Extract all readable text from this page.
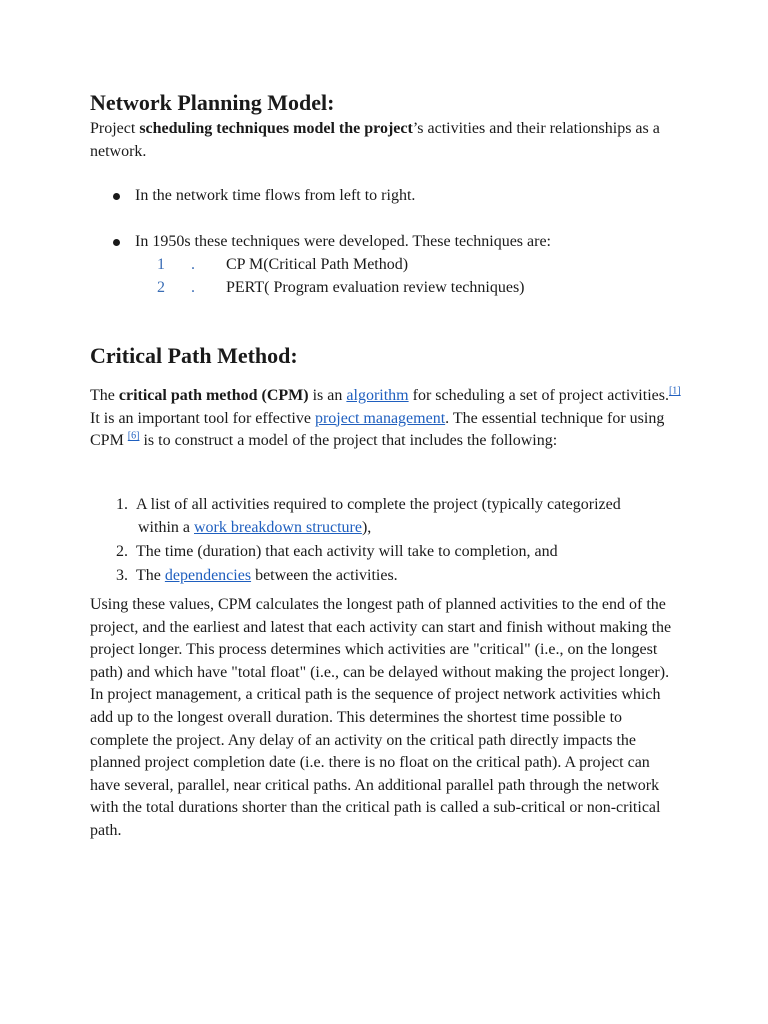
Network Planning Model:
Project scheduling techniques model the project’s activities and their relationships as a network.
In the network time flows from left to right.
In 1950s these techniques were developed. These techniques are:
1 . CP M(Critical Path Method)
2 . PERT( Program evaluation review techniques)
Critical Path Method:
The critical path method (CPM) is an algorithm for scheduling a set of project activities.[1] It is an important tool for effective project management. The essential technique for using CPM [6] is to construct a model of the project that includes the following:
1. A list of all activities required to complete the project (typically categorized
within a work breakdown structure),
2. The time (duration) that each activity will take to completion, and
3. The dependencies between the activities.
Using these values, CPM calculates the longest path of planned activities to the end of the project, and the earliest and latest that each activity can start and finish without making the project longer. This process determines which activities are "critical" (i.e., on the longest path) and which have "total float" (i.e., can be delayed without making the project longer). In project management, a critical path is the sequence of project network activities which add up to the longest overall duration. This determines the shortest time possible to complete the project. Any delay of an activity on the critical path directly impacts the planned project completion date (i.e. there is no float on the critical path). A project can have several, parallel, near critical paths. An additional parallel path through the network with the total durations shorter than the critical path is called a sub-critical or non-critical path.
